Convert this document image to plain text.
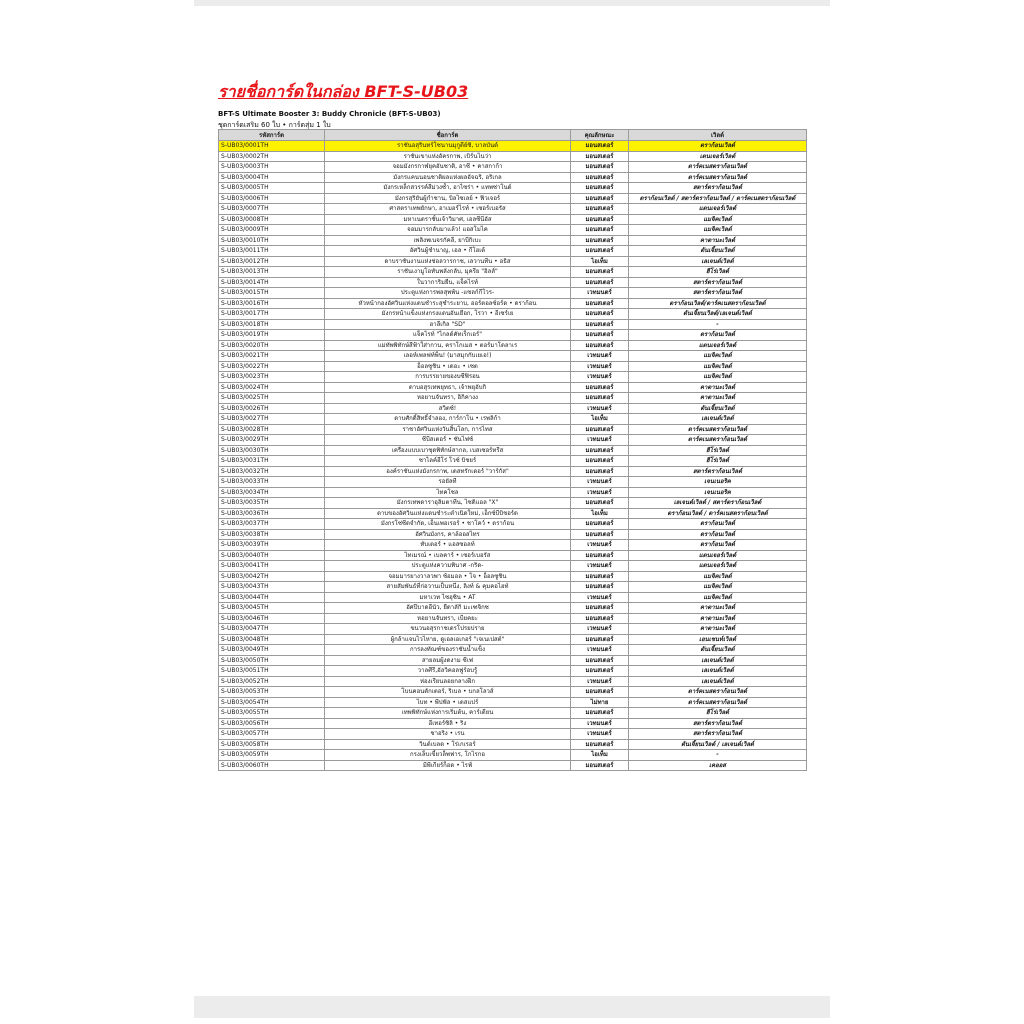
รายชื่อการ์ดในกล่อง BFT-S-UB03
BFT-S Ultimate Booster 3: Buddy Chronicle (BFT-S-UB03)
ชุดการ์ดเสริม 60 ใบ • การ์ดสุ่ม 1 ใบ
รหัสการ์ด	ชื่อการ์ด	คุณลักษณะ	เวิลด์
S-UB03/0001TH	ราชันอสุรินทร์โซนานมุกูดีย์ซิ, บาลบันต์	มอนสเตอร์	ดราก้อนเวิลด์
S-UB03/0002TH	ราชันเขาแห่งอัครกาพ, เบิร์นไนว่า	มอนสเตอร์	เดนเจอร์เวิลด์
S-UB03/0003TH	จอมมังกรกาฬยุคอันซาติ, อาซี • คาสกาก้า	มอนสเตอร์	ดาร์คเนสดราก้อนเวิลด์
S-UB03/0004TH	มังกรแคนนอนชาติผลแห่งผลอัจฉริ, อริเกล	มอนสเตอร์	ดาร์คเนสดราก้อนเวิลด์
S-UB03/0005TH	มังกรเหล็กสวรรค์สีม่วงซ้ำ, อาไซร่า • แทพซ่าโนด์	มอนสเตอร์	สตาร์ดราก้อนเวิลด์
S-UB03/0006TH	มังกรสุริยันผู้กำชาน, บิลไซเลย์ • ฟิวเจอร์	มอนสเตอร์	ดราก้อนเวิลด์ / สตาร์ดราก้อนเวิลด์ / ดาร์คเนสดราก้อนเวิลด์
S-UB03/0007TH	ศาสตราเทพยักษา, อาเมอร์ไรท์ • เซอร์เบอรัส	มอนสเตอร์	แดนเจอร์เวิลด์
S-UB03/0008TH	มหาเนตราชั้นเจ้าวิมาศ, เอลซีนีอัส	มอนสเตอร์	แมจิคเวิลด์
S-UB03/0009TH	จอมมารกลับมาแล้ว! แอสโมไค	มอนสเตอร์	แมจิคเวิลด์
S-UB03/0010TH	เพลิงพเนจรกัคลี, ยาบีกิเบะ	มอนสเตอร์	คาตานะเวิลด์
S-UB03/0011TH	อัศวินผู้ชำนาญ, เอล • กีโฮเต้	มอนสเตอร์	ดันเจี้ยนเวิลด์
S-UB03/0012TH	ดาบราชันงานแห่งช่อลวารกาช, เลวานทีน • อธิส	ไอเท็ม	เลเจนด์เวิลด์
S-UB03/0013TH	ราชันเงามูโอทันพลังกลับ, มุครีย "อิลส์"	มอนสเตอร์	ฮีโร่เวิลด์
S-UB03/0014TH	ในวาการิมยืน, แจ็คไรท์	มอนสเตอร์	สตาร์ดราก้อนเวิลด์
S-UB03/0015TH	ประตูแห่งการพลสุพพ้น -แซลก์กีโวร-	เวทมนตร์	สตาร์ดราก้อนเวิลด์
S-UB03/0016TH	หัวหน้ากองอัศวินแห่งแดนชำระสุชำระยาบ, ออร์ตอลซ์อร์ด • ดราก้อน	มอนสเตอร์	ดราก้อนเวิลด์/ดาร์คเนสดราก้อนเวิลด์
S-UB03/0017TH	มังกรหน้าแข็งแห่งกรงแดนอันเยือก, โรวา • อีเซร์เย	มอนสเตอร์	ดันเจี้ยนเวิลด์/เลเจนด์เวิลด์
S-UB03/0018TH	ฮาลีเกิล "SD"	มอนสเตอร์	-
S-UB03/0019TH	แจ็คไรท์ "ไกลด์คัทเร็กเอร์"	มอนสเตอร์	ดราก้อนเวิลด์
S-UB03/0020TH	แม่ทัพพิทักษ์สีฟ้าใส่ากาน, คราโกเมส • ตอร์มาโดลาเร	มอนสเตอร์	แดนเจอร์เวิลด์
S-UB03/0021TH	เลอห์เพลฟท์พ็น! (มาสมุกกับเยเอ!)	เวทมนตร์	แมจิคเวิลด์
S-UB03/0022TH	อ็อลซูชิน • เดอะ • เซต	เวทมนตร์	แมจิคเวิลด์
S-UB03/0023TH	การบรรยายของบซีฟิรอน	เวทมนตร์	แมจิคเวิลด์
S-UB03/0024TH	ดาบอสุรเทพยุทธา, เจ้าพยุอับกิ	มอนสเตอร์	คาตานะเวิลด์
S-UB03/0025TH	หอยานจันทรา, อิกิคางง	มอนสเตอร์	คาตานะเวิลด์
S-UB03/0026TH	สวิตซ์!	เวทมนตร์	ดันเจี้ยนเวิลด์
S-UB03/0027TH	ดาบศักดิ์สิทธิ์จำลอง, การ์กาโน • เรพลิก้า	ไอเท็ม	เลเจนด์เวิลด์
S-UB03/0028TH	ราชาอัศวินแห่งวันสิ้นโลก, การไทส	มอนสเตอร์	ดาร์คเนสดราก้อนเวิลด์
S-UB03/0029TH	ซีบีสเตอร์ • ซันไฟซ์	เวทมนตร์	ดาร์คเนสดราก้อนเวิลด์
S-UB03/0030TH	เครื่องแบบเบาชุดพิทักษ์สากล, เบสเซอร์ทรีส	มอนสเตอร์	ฮีโร่เวิลด์
S-UB03/0031TH	ซาไลค์ฮีโร่ โวซ์ บิชยร์	มอนสเตอร์	ฮีโร่เวิลด์
S-UB03/0032TH	องค์ราชันแห่งมังกรกาพ, เดสทรักเดอร์ "วาร์กัส"	มอนสเตอร์	สตาร์ดราก้อนเวิลด์
S-UB03/0033TH	รอยัลที	เวทมนตร์	เจนเนอริค
S-UB03/0034TH	ไทคโชล	เวทมนตร์	เจนเนอริค
S-UB03/0035TH	มังกรเทพดาราอุลิมตาทีน, ไซดิแอล "X"	มอนสเตอร์	เลเจนด์เวิลด์ / สตาร์ดราก้อนเวิลด์
S-UB03/0036TH	ดาบของอัศวินแห่งแดนชำระตำเนิดใหม่, เอ็กซ์บีบิชอร์ด	ไอเท็ม	ดราก้อนเวิลด์ / ดาร์คเนสดราก้อนเวิลด์
S-UB03/0037TH	มังกรโซ่ซีดจำกัด, เอ็นเพอเรอร์ • ชาโคว์ • ดราก้อน	มอนสเตอร์	ดราก้อนเวิลด์
S-UB03/0038TH	อัศวินมังกร, คาล้ออสไทร	มอนสเตอร์	ดราก้อนเวิลด์
S-UB03/0039TH	ทับเดอร์ • แอสซอลท์	เวทมนตร์	ดราก้อนเวิลด์
S-UB03/0040TH	ไทเมรณ์ • เบลคาร์ • เซอร์เบอรัส	มอนสเตอร์	แดนเจอร์เวิลด์
S-UB03/0041TH	ประตูแห่งความพินาศ -กริด-	เวทมนตร์	แดนเจอร์เวิลด์
S-UB03/0042TH	จอมมารยางวาลวพา ซ้อมอล • โจ • อ็อลซูชิน	มอนสเตอร์	แมจิคเวิลด์
S-UB03/0043TH	สายสัมพันธ์ที่ก่อวานเป็นหนึ่ง, ลิงท์ & คุมคอไฮท์	มอนสเตอร์	แมจิคเวิลด์
S-UB03/0044TH	มหาเวท ไซอุซิน • AT	เวทมนตร์	แมจิคเวิลด์
S-UB03/0045TH	อัศปีบาดอีนัว, ยืดาลักิ มะเฑจิกซ	มอนสเตอร์	คาตานะเวิลด์
S-UB03/0046TH	หอยานจันทรา, เบียคยะ	มอนสเตอร์	คาตานะเวิลด์
S-UB03/0047TH	ขนวนอสุรกาชเดรโปรยปราย	เวทมนตร์	คาตานะเวิลด์
S-UB03/0048TH	ผู้กล้าแจนไวไหาย, ดูเอลเอเกอร์ "เจเนเปสต์"	มอนสเตอร์	เอนเชนท์เวิลด์
S-UB03/0049TH	การลงทัณฑ์ของราชันน้ำแข็ง	เวทมนตร์	ดันเจี้ยนเวิลด์
S-UB03/0050TH	สายลมผู้งดงาม ซีเฟ	มอนสเตอร์	เลเจนด์เวิลด์
S-UB03/0051TH	วาลศีรี,อัลวิคอลฟูร์อบรู้	มอนสเตอร์	เลเจนด์เวิลด์
S-UB03/0052TH	ห่องเรียนลอยกลางฝีก	เวทมนตร์	เลเจนด์เวิลด์
S-UB03/0053TH	โบนคอนตักเตอร์, ริเบล • บกลโลวส์	มอนสเตอร์	ดาร์คเนสดราก้อนเวิลด์
S-UB03/0054TH	ไบท • พีปฟัล • เดสแปร์	ไม่ทาย	ดาร์คเนสดราก้อนเวิลด์
S-UB03/0055TH	เทพพิทักษ์แห่งการเริ่มต้น, คาร์เดียน	มอนสเตอร์	ฮีโร่เวิลด์
S-UB03/0056TH	อีเทอร์ซิลิ • ริง	เวทมนตร์	สตาร์ดราก้อนเวิลด์
S-UB03/0057TH	ชาอริง • เรน	เวทมนตร์	สตาร์ดราก้อนเวิลด์
S-UB03/0058TH	วินด์เบลด • โร่เกเรอร์	มอนสเตอร์	ดันเจี้ยนเวิลด์ / เลเจนด์เวิลด์
S-UB03/0059TH	กรงเล็บเขี้ยวล็พฟาร, โกไรกอ	ไอเท็ม	-
S-UB03/0060TH	มีพีเกียร์ก็อด • ไรฟ์	มอนสเตอร์	เคออส
